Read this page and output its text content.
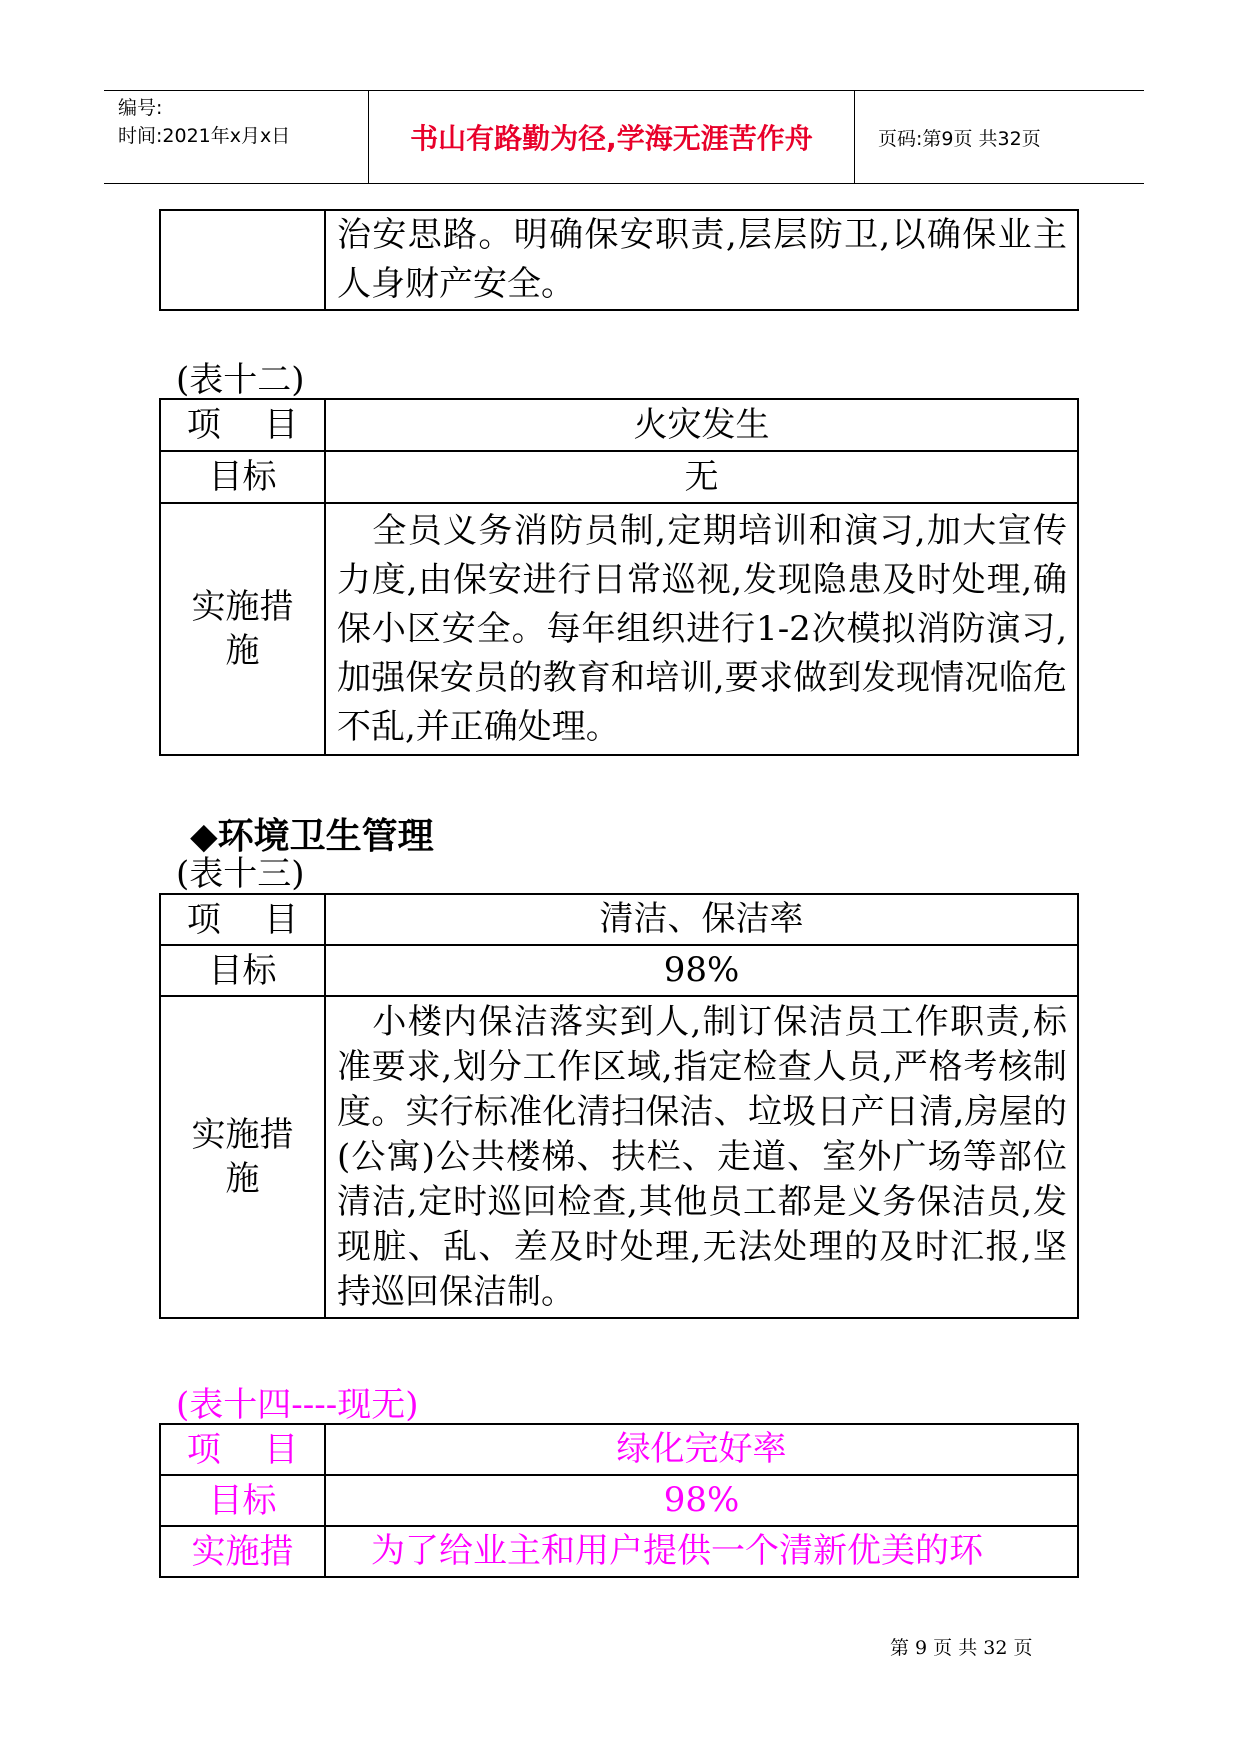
编号:
时间:2021年x月x日	书山有路勤为径,学海无涯苦作舟	页码:第9页 共32页
	治安思路。明确保安职责,层层防卫,以确保业主人身财产安全。
(表十二)
项    目	火灾发生
目标	无

实施措施	全员义务消防员制,定期培训和演习,加大宣传力度,由保安进行日常巡视,发现隐患及时处理,确保小区安全。每年组织进行1-2次模拟消防演习,加强保安员的教育和培训,要求做到发现情况临危不乱,并正确处理。
◆环境卫生管理
(表十三)
项    目	清洁、保洁率
目标	98%

实施措施	小楼内保洁落实到人,制订保洁员工作职责,标准要求,划分工作区域,指定检查人员,严格考核制度。实行标准化清扫保洁、垃圾日产日清,房屋的(公寓)公共楼梯、扶栏、走道、室外广场等部位清洁,定时巡回检查,其他员工都是义务保洁员,发现脏、乱、差及时处理,无法处理的及时汇报,坚持巡回保洁制。
(表十四----现无)
项    目	绿化完好率
目标	98%
实施措	为了给业主和用户提供一个清新优美的环
第 9 页 共 32 页
